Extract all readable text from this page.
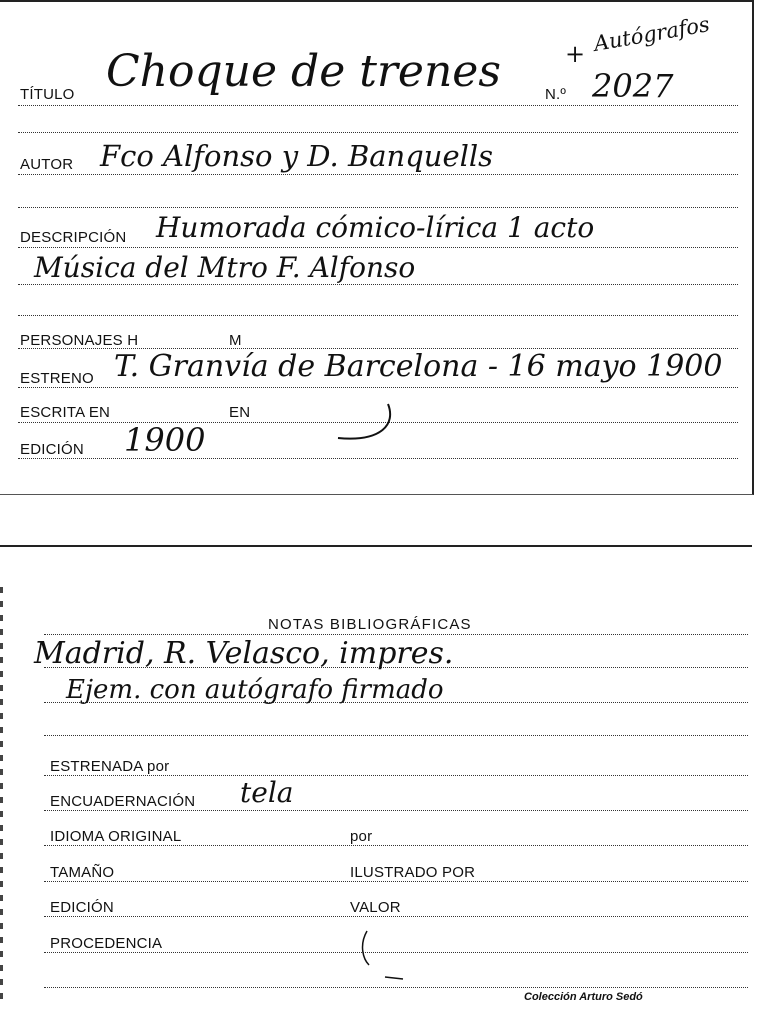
TÍTULO Choque de trenes	+ Autógrafos
N.º 2027
AUTOR Fco Alfonso y D. Banquells
DESCRIPCIÓN Humorada cómico-lírica 1 acto
Música del Mtro F. Alfonso
PERSONAJES H	M
ESTRENO T. Granvía de Barcelona - 16 mayo 1900
ESCRITA EN	EN
EDICIÓN 1900
NOTAS BIBLIOGRÁFICAS
Madrid, R. Velasco, impres.
Ejem. con autógrafo firmado
ESTRENADA por
ENCUADERNACIÓN tela
IDIOMA ORIGINAL	por
TAMAÑO	ILUSTRADO POR
EDICIÓN	VALOR
PROCEDENCIA
Colección Arturo Sedó
